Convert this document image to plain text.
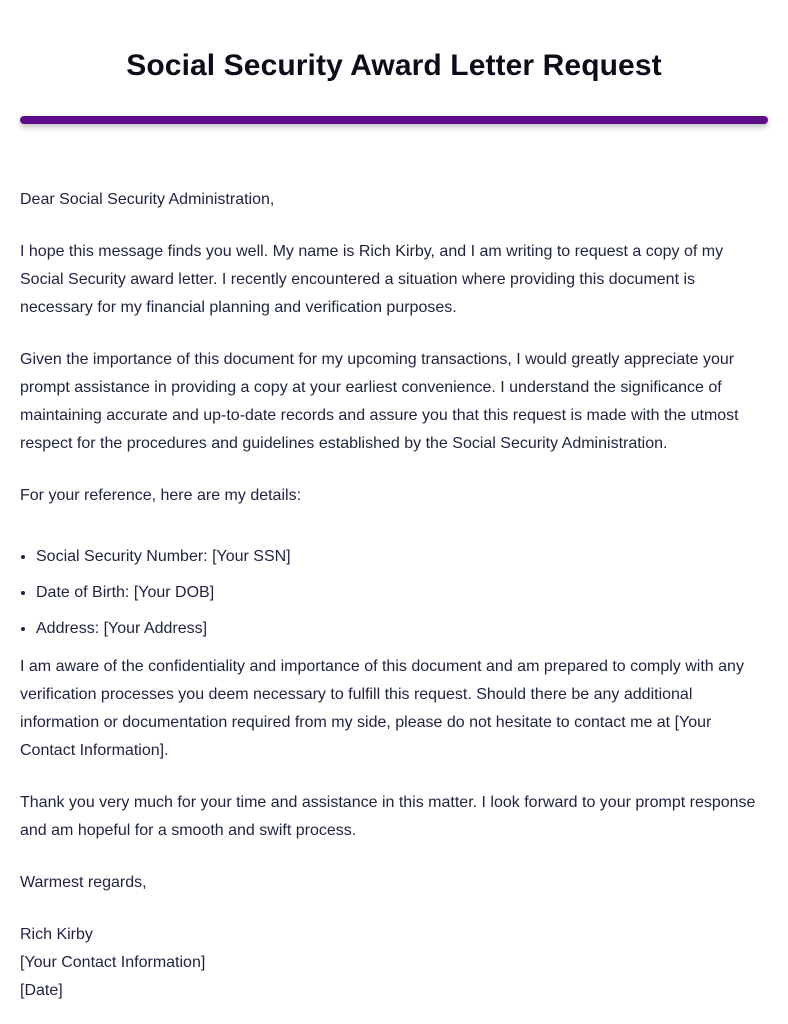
Social Security Award Letter Request

Dear Social Security Administration,

I hope this message finds you well. My name is Rich Kirby, and I am writing to request a copy of my Social Security award letter. I recently encountered a situation where providing this document is necessary for my financial planning and verification purposes.

Given the importance of this document for my upcoming transactions, I would greatly appreciate your prompt assistance in providing a copy at your earliest convenience. I understand the significance of maintaining accurate and up-to-date records and assure you that this request is made with the utmost respect for the procedures and guidelines established by the Social Security Administration.

For your reference, here are my details:

• Social Security Number: [Your SSN]
• Date of Birth: [Your DOB]
• Address: [Your Address]

I am aware of the confidentiality and importance of this document and am prepared to comply with any verification processes you deem necessary to fulfill this request. Should there be any additional information or documentation required from my side, please do not hesitate to contact me at [Your Contact Information].

Thank you very much for your time and assistance in this matter. I look forward to your prompt response and am hopeful for a smooth and swift process.

Warmest regards,

Rich Kirby
[Your Contact Information]
[Date]
